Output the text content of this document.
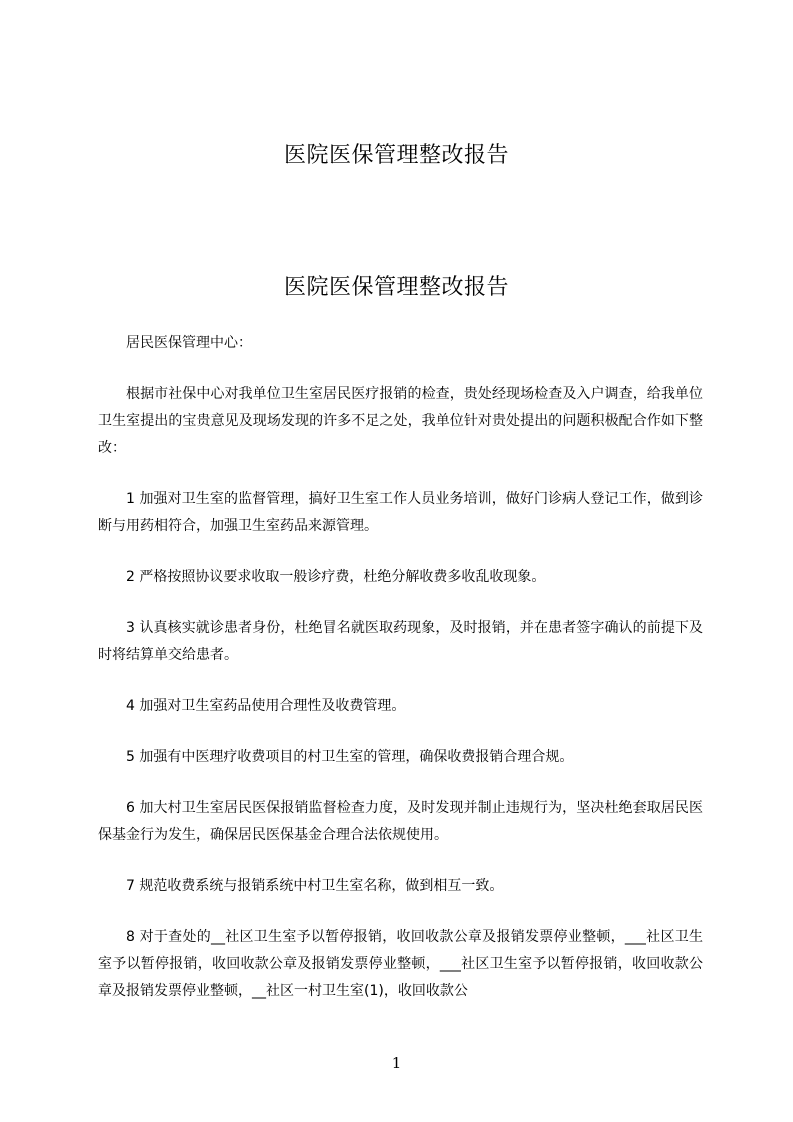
医院医保管理整改报告
医院医保管理整改报告

居民医保管理中心：

根据市社保中心对我单位卫生室居民医疗报销的检查，贵处经现场检查及入户调查，给我单位卫生室提出的宝贵意见及现场发现的许多不足之处，我单位针对贵处提出的问题积极配合作如下整改：

1 加强对卫生室的监督管理，搞好卫生室工作人员业务培训，做好门诊病人登记工作，做到诊断与用药相符合，加强卫生室药品来源管理。

2 严格按照协议要求收取一般诊疗费，杜绝分解收费多收乱收现象。

3 认真核实就诊患者身份，杜绝冒名就医取药现象，及时报销，并在患者签字确认的前提下及时将结算单交给患者。

4 加强对卫生室药品使用合理性及收费管理。

5 加强有中医理疗收费项目的村卫生室的管理，确保收费报销合理合规。

6 加大村卫生室居民医保报销监督检查力度，及时发现并制止违规行为，坚决杜绝套取居民医保基金行为发生，确保居民医保基金合理合法依规使用。

7 规范收费系统与报销系统中村卫生室名称，做到相互一致。

8 对于查处的__社区卫生室予以暂停报销，收回收款公章及报销发票停业整顿，___社区卫生室予以暂停报销，收回收款公章及报销发票停业整顿，___社区卫生室予以暂停报销，收回收款公章及报销发票停业整顿，__社区一村卫生室(1)，收回收款公

1
